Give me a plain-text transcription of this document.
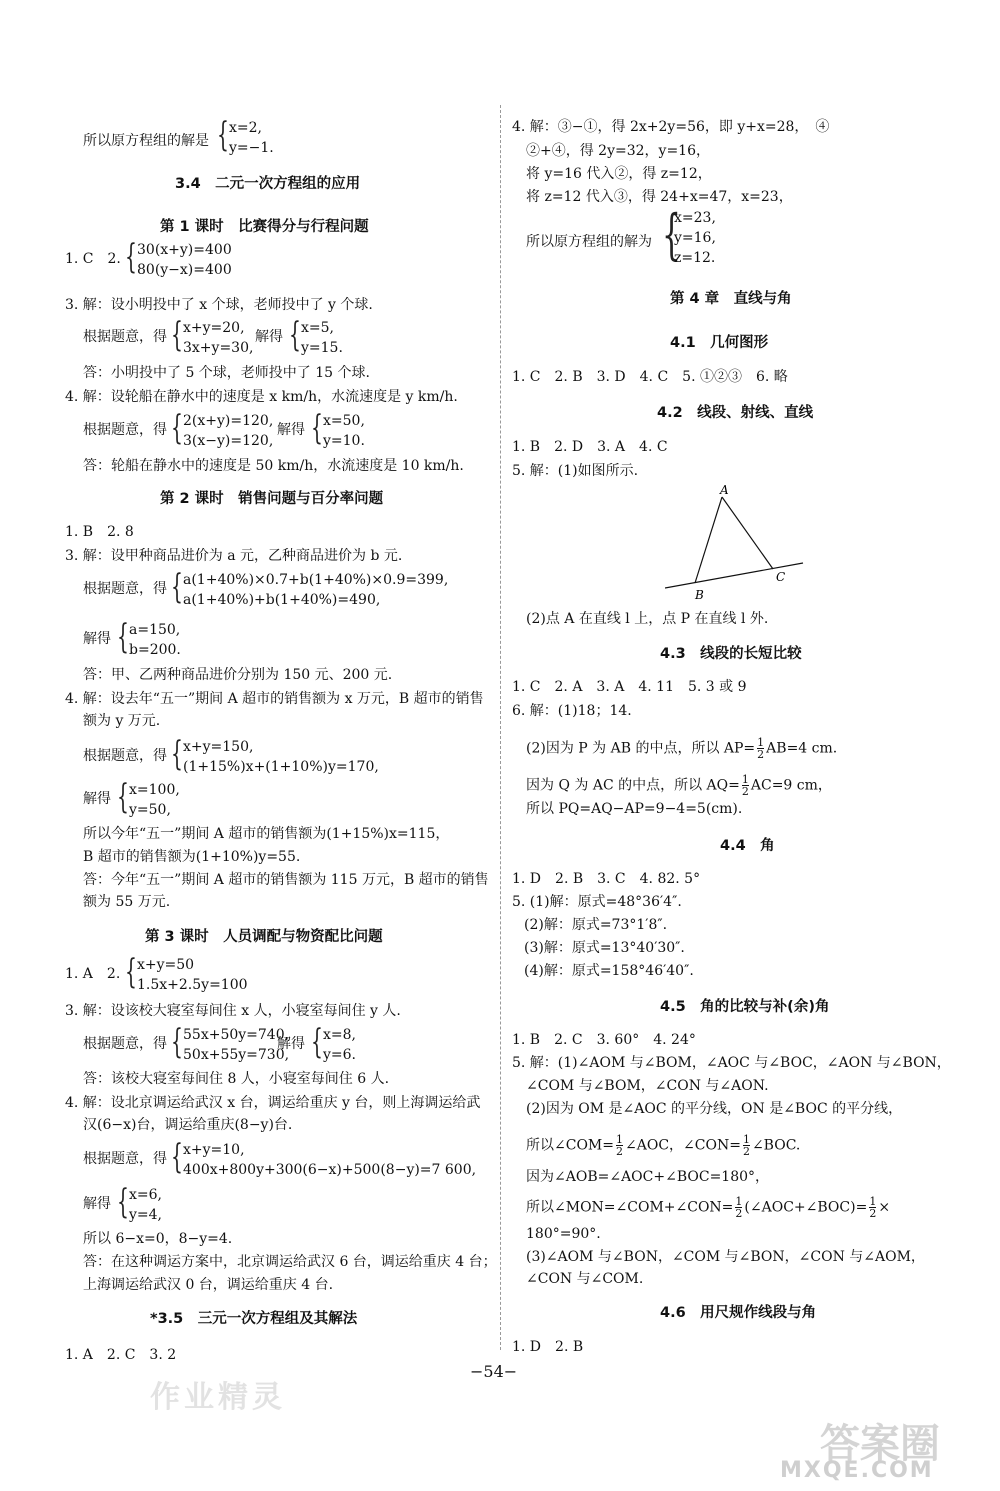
所以原方程组的解是 { x=2,
y=−1.
3.4　二元一次方程组的应用
第 1 课时　比赛得分与行程问题
1. C　2. { 30(x+y)=400
80(y−x)=400
3. 解：设小明投中了 x 个球，老师投中了 y 个球.
根据题意，得 { x+y=20,
3x+y=30,
解得 { x=5,
y=15.
答：小明投中了 5 个球，老师投中了 15 个球.
4. 解：设轮船在静水中的速度是 x km/h，水流速度是 y km/h.
根据题意，得 { 2(x+y)=120,
3(x−y)=120,
解得 { x=50,
y=10.
答：轮船在静水中的速度是 50 km/h，水流速度是 10 km/h.
第 2 课时　销售问题与百分率问题
1. B　2. 8
3. 解：设甲种商品进价为 a 元，乙种商品进价为 b 元.
根据题意，得 { a(1+40%)×0.7+b(1+40%)×0.9=399,
a(1+40%)+b(1+40%)=490,
解得 { a=150,
b=200.
答：甲、乙两种商品进价分别为 150 元、200 元.
4. 解：设去年“五一”期间 A 超市的销售额为 x 万元，B 超市的销售
额为 y 万元.
根据题意，得 { x+y=150,
(1+15%)x+(1+10%)y=170,
解得 { x=100,
y=50,
所以今年“五一”期间 A 超市的销售额为(1+15%)x=115，
B 超市的销售额为(1+10%)y=55.
答：今年“五一”期间 A 超市的销售额为 115 万元，B 超市的销售
额为 55 万元.
第 3 课时　人员调配与物资配比问题
1. A　2. { x+y=50
1.5x+2.5y=100
3. 解：设该校大寝室每间住 x 人，小寝室每间住 y 人.
根据题意，得 { 55x+50y=740,
50x+55y=730,
解得 { x=8,
y=6.
答：该校大寝室每间住 8 人，小寝室每间住 6 人.
4. 解：设北京调运给武汉 x 台，调运给重庆 y 台，则上海调运给武
汉(6−x)台，调运给重庆(8−y)台.
根据题意，得 { x+y=10,
400x+800y+300(6−x)+500(8−y)=7 600,
解得 { x=6,
y=4,
所以 6−x=0，8−y=4.
答：在这种调运方案中，北京调运给武汉 6 台，调运给重庆 4 台；
上海调运给武汉 0 台，调运给重庆 4 台.
*3.5　三元一次方程组及其解法
1. A　2. C　3. 2
4. 解：③−①，得 2x+2y=56，即 y+x=28，　④
②+④，得 2y=32，y=16，
将 y=16 代入②，得 z=12，
将 z=12 代入③，得 24+x=47，x=23，
所以原方程组的解为 {
x=23,
y=16,
z=12.
第 4 章　直线与角
4.1　几何图形
1. C　2. B　3. D　4. C　5. ①②③　6. 略
4.2　线段、射线、直线
1. B　2. D　3. A　4. C
5. 解：(1)如图所示.
(2)点 A 在直线 l 上，点 P 在直线 l 外.
4.3　线段的长短比较
1. C　2. A　3. A　4. 11　5. 3 或 9
6. 解：(1)18；14.
(2)因为 P 为 AB 的中点，所以 $AP= \frac{1}{2} AB=4$ cm.
因为 Q 为 AC 的中点，所以 $AQ= \frac{1}{2} AC=9$ cm，
所以 PQ=AQ−AP=9−4=5(cm).
4.4　角
1. D　2. B　3. C　4. 82. 5°
5. (1)解：原式=48°36′4″.
(2)解：原式=73°1′8″.
(3)解：原式=13°40′30″.
(4)解：原式=158°46′40″.
4.5　角的比较与补(余)角
1. B　2. C　3. 60°　4. 24°
5. 解：(1)∠AOM 与∠BOM，∠AOC 与∠BOC，∠AON 与∠BON，
∠COM 与∠BOM，∠CON 与∠AON.
(2)因为 OM 是∠AOC 的平分线，ON 是∠BOC 的平分线，
所以∠COM= $\frac{1}{2}$ ∠AOC，∠CON= $\frac{1}{2}$ ∠BOC.
因为∠AOB=∠AOC+∠BOC=180°，
所以∠MON=∠COM+∠CON= $\frac{1}{2}$ (∠AOC+∠BOC)= $\frac{1}{2}$ ×
180°=90°.
(3)∠AOM 与∠BON，∠COM 与∠BON，∠CON 与∠AOM，
∠CON 与∠COM.
4.6　用尺规作线段与角
1. D　2. B
A
B
C
−54−
作业精灵
答案圈
MXQE.COM
